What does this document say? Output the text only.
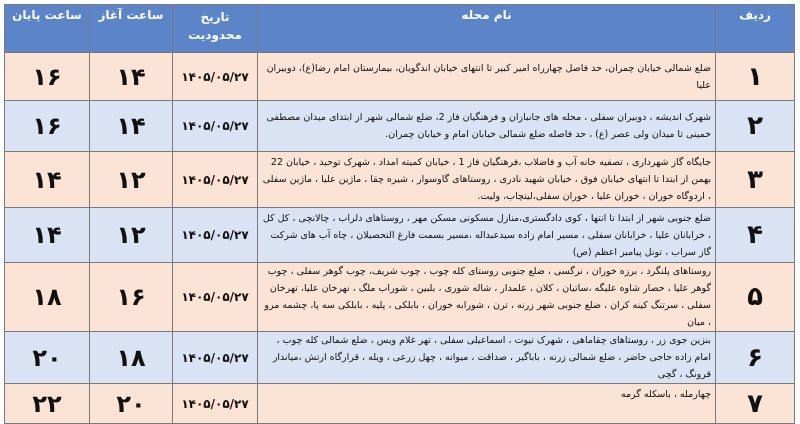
ردیف	نام محله	تاریخ محدودیت	ساعت آغاز	ساعت پایان
۱	ضلع شمالی خیابان چمران، حد فاصل چهارراه امیر کبیر تا انتهای خیابان اندگویان، بیمارستان امام رضا(ع)، دوبیران علیا	۱۴۰۵/۰۵/۲۷	۱۴	۱۶
۲	شهرک اندیشه ، دوبیران سفلی ، محله های جانبازان و فرهنگیان فاز 2، ضلع شمالی شهر از ابتدای میدان مصطفی خمینی تا میدان ولی عصر (ع) ، حد فاصله ضلع شمالی خیابان امام و خیابان چمران.	۱۴۰۵/۰۵/۲۷	۱۴	۱۶
۳	جایگاه گاز شهرداری ، تصفیه خانه آب و فاضلاب ،فرهنگیان فاز 1 ، خیابان کمیته امداد ، شهرک توحید ، خیابان 22 بهمن از ابتدا تا انتهای خیابان فوق ، خیابان شهید نادری ، روستاهای گاوسوار ، شیره چقا ، ماژین علیا ، ماژین سفلی ، اردوگاه خوران ، خوران علیا ، خوران سفلی،لیتچاب، ولیت.	۱۴۰۵/۰۵/۲۷	۱۲	۱۴
۴	ضلع جنوبی شهر از ابتدا تا انتها ، کوی دادگستری،منازل مسکونی مسکن مهر ، روستاهای دلراب ، چالانچی ، کل کل ، خرابانان علیا ، خرابانان سفلی ، مسیر امام زاده سیدعبداله ،مسیر بسمت فارغ التحصیلان ، چاه آب های شرکت گاز سراب ، تونل پیامبر اعظم (ص)	۱۴۰۵/۰۵/۲۷	۱۲	۱۴
۵	روستاهای پلنگرد ، برزه خوران ، نرگسی ، ضلع جنوبی روستای کله چوب ، چوب شریف، چوب گوهر سفلی ، چوب گوهر علیا ، حصار شاوه علیگه ،ساتیان ، کلان ، علمدار ، شاله شوری ، بلبین ، شوراب ملگ ، نهرخان علیا، تهرخان سفلی ، سرتنگ کینه کران ، ضلع جنوبی شهر زرنه ، ترن ، شورابه خوران ، بابلکی ، پلیه ، بابلکی سه پا، چشمه مرو ، میان	۱۴۰۵/۰۵/۲۷	۱۶	۱۸
۶	بنزین جوی زر ، روستاهای چقاماهی ، شهرک تیوت ، اسماعیلی سفلی ، تهر غلام ویس ، ضلع شمالی کله چوب ، امام زاده حاجی حاضر ، ضلع شمالی زرنه ، باباگیر ، صداقت ، میوانه ، چهل زرعی ، ویله ، قرارگاه ارتش ،میاندار قرونگ ، گچی	۱۴۰۵/۰۵/۲۷	۱۸	۲۰
۷	چهارمله ، باسکله گرمه	۱۴۰۵/۰۵/۲۷	۲۰	۲۲
